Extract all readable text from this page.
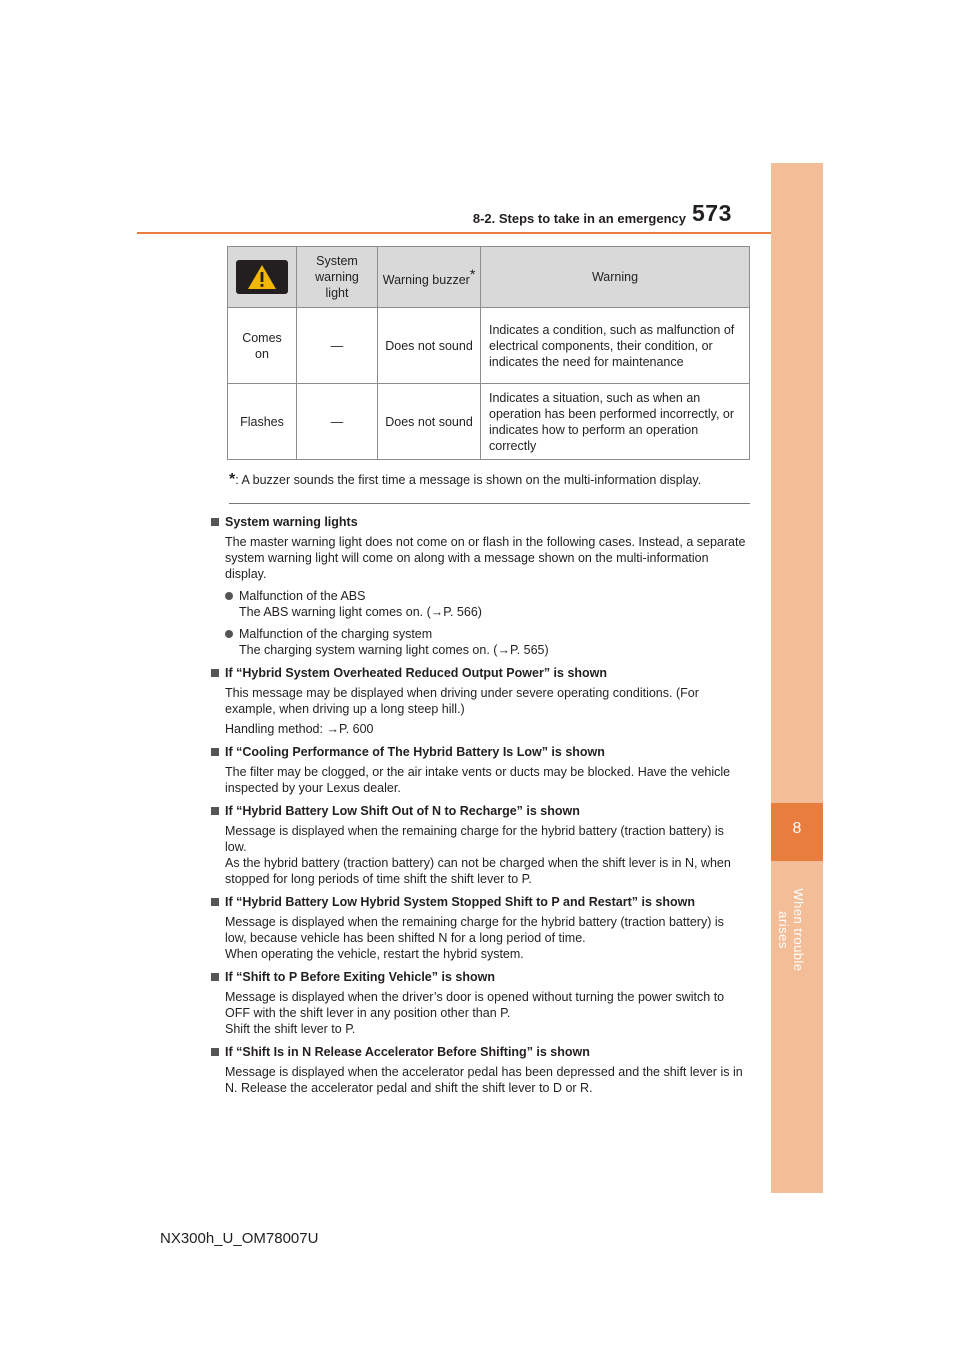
8-2. Steps to take in an emergency 573
8
When trouble arises
	System warning light	Warning buzzer*	Warning
Comes on	—	Does not sound	Indicates a condition, such as malfunction of electrical components, their condition, or indicates the need for maintenance
Flashes	—	Does not sound	Indicates a situation, such as when an operation has been performed incorrectly, or indicates how to perform an operation correctly
*: A buzzer sounds the first time a message is shown on the multi-information display.
System warning lights
The master warning light does not come on or flash in the following cases. Instead, a separate system warning light will come on along with a message shown on the multi-information display.
Malfunction of the ABS
The ABS warning light comes on. (→P. 566)
Malfunction of the charging system
The charging system warning light comes on. (→P. 565)
If “Hybrid System Overheated Reduced Output Power” is shown
This message may be displayed when driving under severe operating conditions. (For example, when driving up a long steep hill.)
Handling method: →P. 600
If “Cooling Performance of The Hybrid Battery Is Low” is shown
The filter may be clogged, or the air intake vents or ducts may be blocked. Have the vehicle inspected by your Lexus dealer.
If “Hybrid Battery Low Shift Out of N to Recharge” is shown
Message is displayed when the remaining charge for the hybrid battery (traction battery) is low.
As the hybrid battery (traction battery) can not be charged when the shift lever is in N, when stopped for long periods of time shift the shift lever to P.
If “Hybrid Battery Low Hybrid System Stopped Shift to P and Restart” is shown
Message is displayed when the remaining charge for the hybrid battery (traction battery) is low, because vehicle has been shifted N for a long period of time.
When operating the vehicle, restart the hybrid system.
If “Shift to P Before Exiting Vehicle” is shown
Message is displayed when the driver’s door is opened without turning the power switch to OFF with the shift lever in any position other than P.
Shift the shift lever to P.
If “Shift Is in N Release Accelerator Before Shifting” is shown
Message is displayed when the accelerator pedal has been depressed and the shift lever is in N. Release the accelerator pedal and shift the shift lever to D or R.
NX300h_U_OM78007U
